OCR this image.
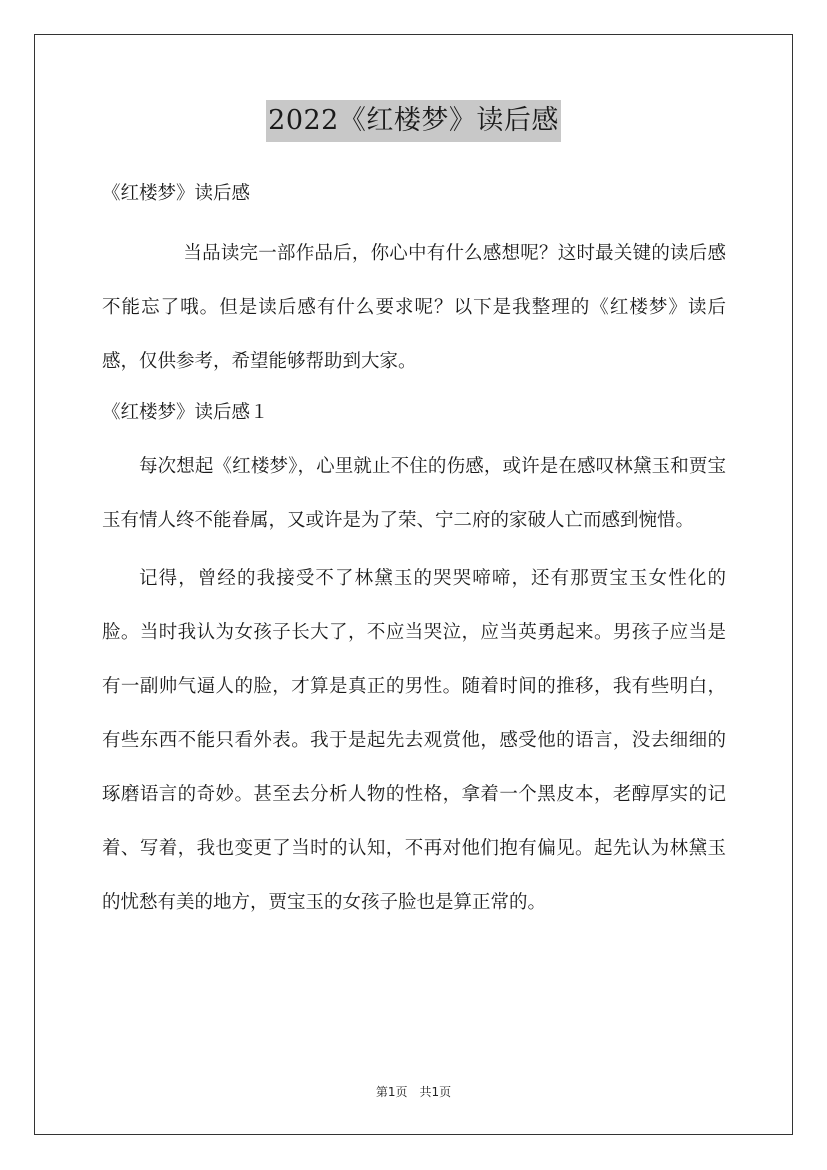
2022《红楼梦》读后感

《红楼梦》读后感

当品读完一部作品后，你心中有什么感想呢？这时最关键的读后感不能忘了哦。但是读后感有什么要求呢？以下是我整理的《红楼梦》读后感，仅供参考，希望能够帮助到大家。

《红楼梦》读后感１

每次想起《红楼梦》，心里就止不住的伤感，或许是在感叹林黛玉和贾宝玉有情人终不能眷属，又或许是为了荣、宁二府的家破人亡而感到惋惜。

记得，曾经的我接受不了林黛玉的哭哭啼啼，还有那贾宝玉女性化的脸。当时我认为女孩子长大了，不应当哭泣，应当英勇起来。男孩子应当是有一副帅气逼人的脸，才算是真正的男性。随着时间的推移，我有些明白，有些东西不能只看外表。我于是起先去观赏他，感受他的语言，没去细细的琢磨语言的奇妙。甚至去分析人物的性格，拿着一个黑皮本，老醇厚实的记着、写着，我也变更了当时的认知，不再对他们抱有偏见。起先认为林黛玉的忧愁有美的地方，贾宝玉的女孩子脸也是算正常的。

第1页　共1页
